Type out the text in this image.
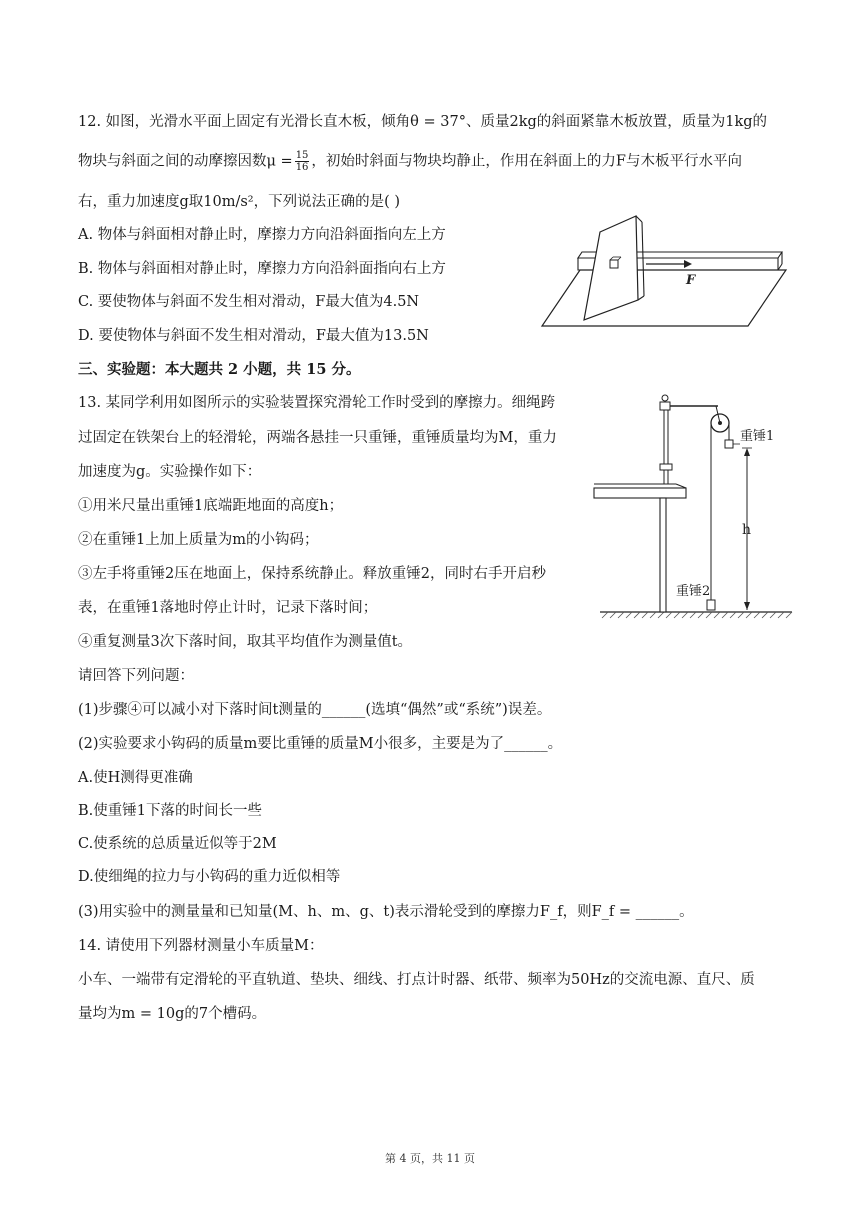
12. 如图，光滑水平面上固定有光滑长直木板，倾角θ = 37°、质量2kg的斜面紧靠木板放置，质量为1kg的
物块与斜面之间的动摩擦因数$\mu = \frac{15}{16}$ ，初始时斜面与物块均静止，作用在斜面上的力F与木板平行水平向
右，重力加速度g取10m/s²，下列说法正确的是( )
A. 物体与斜面相对静止时，摩擦力方向沿斜面指向左上方
B. 物体与斜面相对静止时，摩擦力方向沿斜面指向右上方
C. 要使物体与斜面不发生相对滑动，F最大值为4.5N
D. 要使物体与斜面不发生相对滑动，F最大值为13.5N
F
三、实验题：本大题共 2 小题，共 15 分。
13. 某同学利用如图所示的实验装置探究滑轮工作时受到的摩擦力。细绳跨
过固定在铁架台上的轻滑轮，两端各悬挂一只重锤，重锤质量均为M，重力
加速度为g。实验操作如下：
①用米尺量出重锤1底端距地面的高度h；
②在重锤1上加上质量为m的小钩码；
③左手将重锤2压在地面上，保持系统静止。释放重锤2，同时右手开启秒
表，在重锤1落地时停止计时，记录下落时间；
④重复测量3次下落时间，取其平均值作为测量值t。
请回答下列问题：
(1)步骤④可以减小对下落时间t测量的______(选填“偶然”或“系统”)误差。
(2)实验要求小钩码的质量m要比重锤的质量M小很多，主要是为了______。
A.使H测得更准确
B.使重锤1下落的时间长一些
C.使系统的总质量近似等于2M
D.使细绳的拉力与小钩码的重力近似相等
(3)用实验中的测量量和已知量(M、h、m、g、t)表示滑轮受到的摩擦力F_f，则F_f = ______。
重锤1
重锤2
h
14. 请使用下列器材测量小车质量M：
小车、一端带有定滑轮的平直轨道、垫块、细线、打点计时器、纸带、频率为50Hz的交流电源、直尺、质
量均为m = 10g的7个槽码。
第 4 页，共 11 页
